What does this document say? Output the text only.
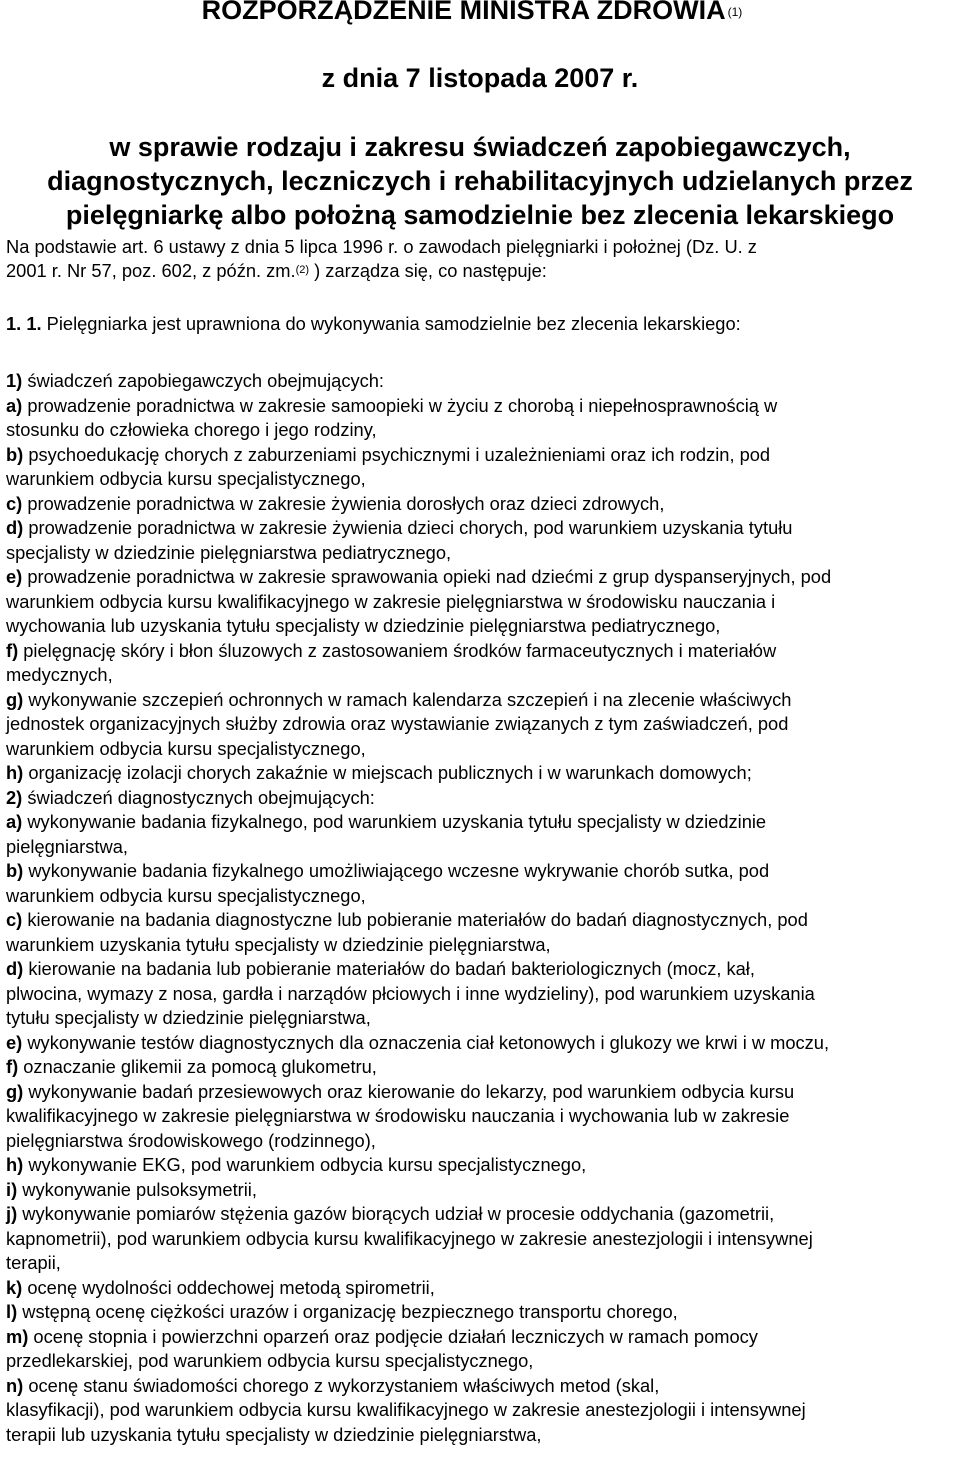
ROZPORZĄDZENIE MINISTRA ZDROWIA $^{(1)}$
z dnia 7 listopada 2007 r.
w sprawie rodzaju i zakresu świadczeń zapobiegawczych,
diagnostycznych, leczniczych i rehabilitacyjnych udzielanych przez
pielęgniarkę albo położną samodzielnie bez zlecenia lekarskiego
Na podstawie art. 6 ustawy z dnia 5 lipca 1996 r. o zawodach pielęgniarki i położnej (Dz. U. z
2001 r. Nr 57, poz. 602, z późn. zm.$^{(2)}$ ) zarządza się, co następuje:
1. 1. Pielęgniarka jest uprawniona do wykonywania samodzielnie bez zlecenia lekarskiego:
1) świadczeń zapobiegawczych obejmujących:
a) prowadzenie poradnictwa w zakresie samoopieki w życiu z chorobą i niepełnosprawnością w
stosunku do człowieka chorego i jego rodziny,
b) psychoedukację chorych z zaburzeniami psychicznymi i uzależnieniami oraz ich rodzin, pod
warunkiem odbycia kursu specjalistycznego,
c) prowadzenie poradnictwa w zakresie żywienia dorosłych oraz dzieci zdrowych,
d) prowadzenie poradnictwa w zakresie żywienia dzieci chorych, pod warunkiem uzyskania tytułu
specjalisty w dziedzinie pielęgniarstwa pediatrycznego,
e) prowadzenie poradnictwa w zakresie sprawowania opieki nad dziećmi z grup dyspanseryjnych, pod
warunkiem odbycia kursu kwalifikacyjnego w zakresie pielęgniarstwa w środowisku nauczania i
wychowania lub uzyskania tytułu specjalisty w dziedzinie pielęgniarstwa pediatrycznego,
f) pielęgnację skóry i błon śluzowych z zastosowaniem środków farmaceutycznych i materiałów
medycznych,
g) wykonywanie szczepień ochronnych w ramach kalendarza szczepień i na zlecenie właściwych
jednostek organizacyjnych służby zdrowia oraz wystawianie związanych z tym zaświadczeń, pod
warunkiem odbycia kursu specjalistycznego,
h) organizację izolacji chorych zakaźnie w miejscach publicznych i w warunkach domowych;
2) świadczeń diagnostycznych obejmujących:
a) wykonywanie badania fizykalnego, pod warunkiem uzyskania tytułu specjalisty w dziedzinie
pielęgniarstwa,
b) wykonywanie badania fizykalnego umożliwiającego wczesne wykrywanie chorób sutka, pod
warunkiem odbycia kursu specjalistycznego,
c) kierowanie na badania diagnostyczne lub pobieranie materiałów do badań diagnostycznych, pod
warunkiem uzyskania tytułu specjalisty w dziedzinie pielęgniarstwa,
d) kierowanie na badania lub pobieranie materiałów do badań bakteriologicznych (mocz, kał,
plwocina, wymazy z nosa, gardła i narządów płciowych i inne wydzieliny), pod warunkiem uzyskania
tytułu specjalisty w dziedzinie pielęgniarstwa,
e) wykonywanie testów diagnostycznych dla oznaczenia ciał ketonowych i glukozy we krwi i w moczu,
f) oznaczanie glikemii za pomocą glukometru,
g) wykonywanie badań przesiewowych oraz kierowanie do lekarzy, pod warunkiem odbycia kursu
kwalifikacyjnego w zakresie pielęgniarstwa w środowisku nauczania i wychowania lub w zakresie
pielęgniarstwa środowiskowego (rodzinnego),
h) wykonywanie EKG, pod warunkiem odbycia kursu specjalistycznego,
i) wykonywanie pulsoksymetrii,
j) wykonywanie pomiarów stężenia gazów biorących udział w procesie oddychania (gazometrii,
kapnometrii), pod warunkiem odbycia kursu kwalifikacyjnego w zakresie anestezjologii i intensywnej
terapii,
k) ocenę wydolności oddechowej metodą spirometrii,
l) wstępną ocenę ciężkości urazów i organizację bezpiecznego transportu chorego,
m) ocenę stopnia i powierzchni oparzeń oraz podjęcie działań leczniczych w ramach pomocy
przedlekarskiej, pod warunkiem odbycia kursu specjalistycznego,
n) ocenę stanu świadomości chorego z wykorzystaniem właściwych metod (skal,
klasyfikacji), pod warunkiem odbycia kursu kwalifikacyjnego w zakresie anestezjologii i intensywnej
terapii lub uzyskania tytułu specjalisty w dziedzinie pielęgniarstwa,
